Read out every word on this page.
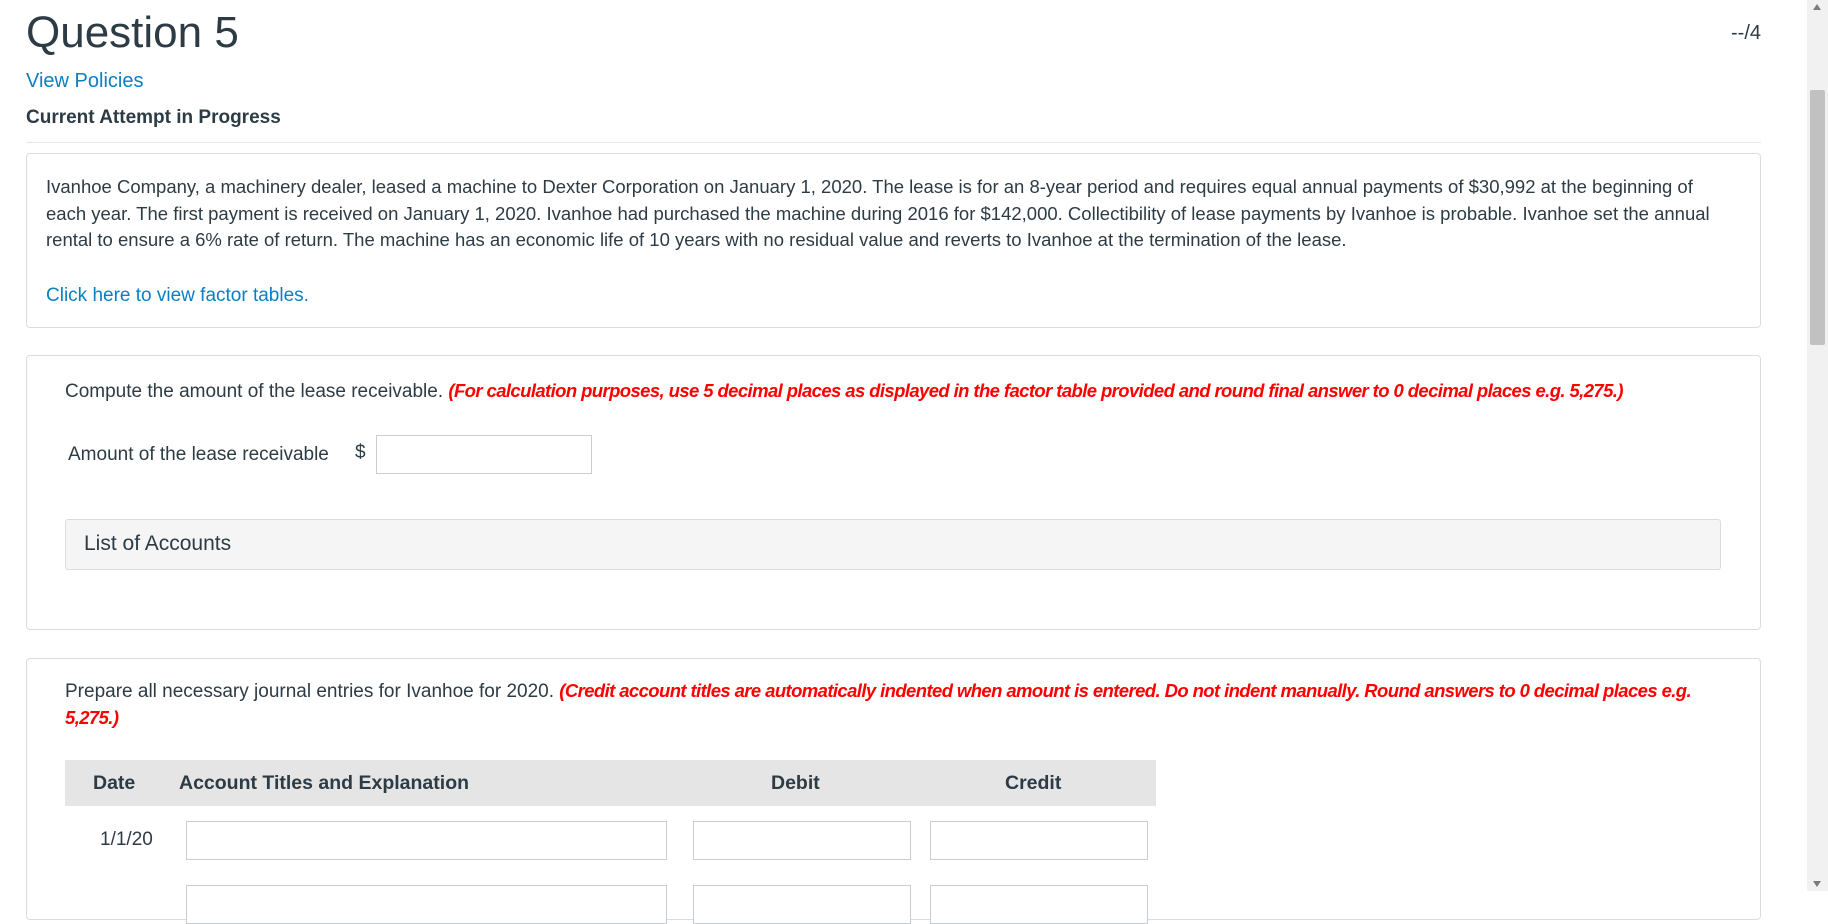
Question 5	--/4
View Policies
Current Attempt in Progress
Ivanhoe Company, a machinery dealer, leased a machine to Dexter Corporation on January 1, 2020. The lease is for an 8-year period and requires equal annual payments of $30,992 at the beginning of each year. The first payment is received on January 1, 2020. Ivanhoe had purchased the machine during 2016 for $142,000. Collectibility of lease payments by Ivanhoe is probable. Ivanhoe set the annual rental to ensure a 6% rate of return. The machine has an economic life of 10 years with no residual value and reverts to Ivanhoe at the termination of the lease.
Click here to view factor tables.
Compute the amount of the lease receivable. (For calculation purposes, use 5 decimal places as displayed in the factor table provided and round final answer to 0 decimal places e.g. 5,275.)
Amount of the lease receivable $
List of Accounts
Prepare all necessary journal entries for Ivanhoe for 2020. (Credit account titles are automatically indented when amount is entered. Do not indent manually. Round answers to 0 decimal places e.g. 5,275.)
Date Account Titles and Explanation	Debit	Credit
1/1/20
